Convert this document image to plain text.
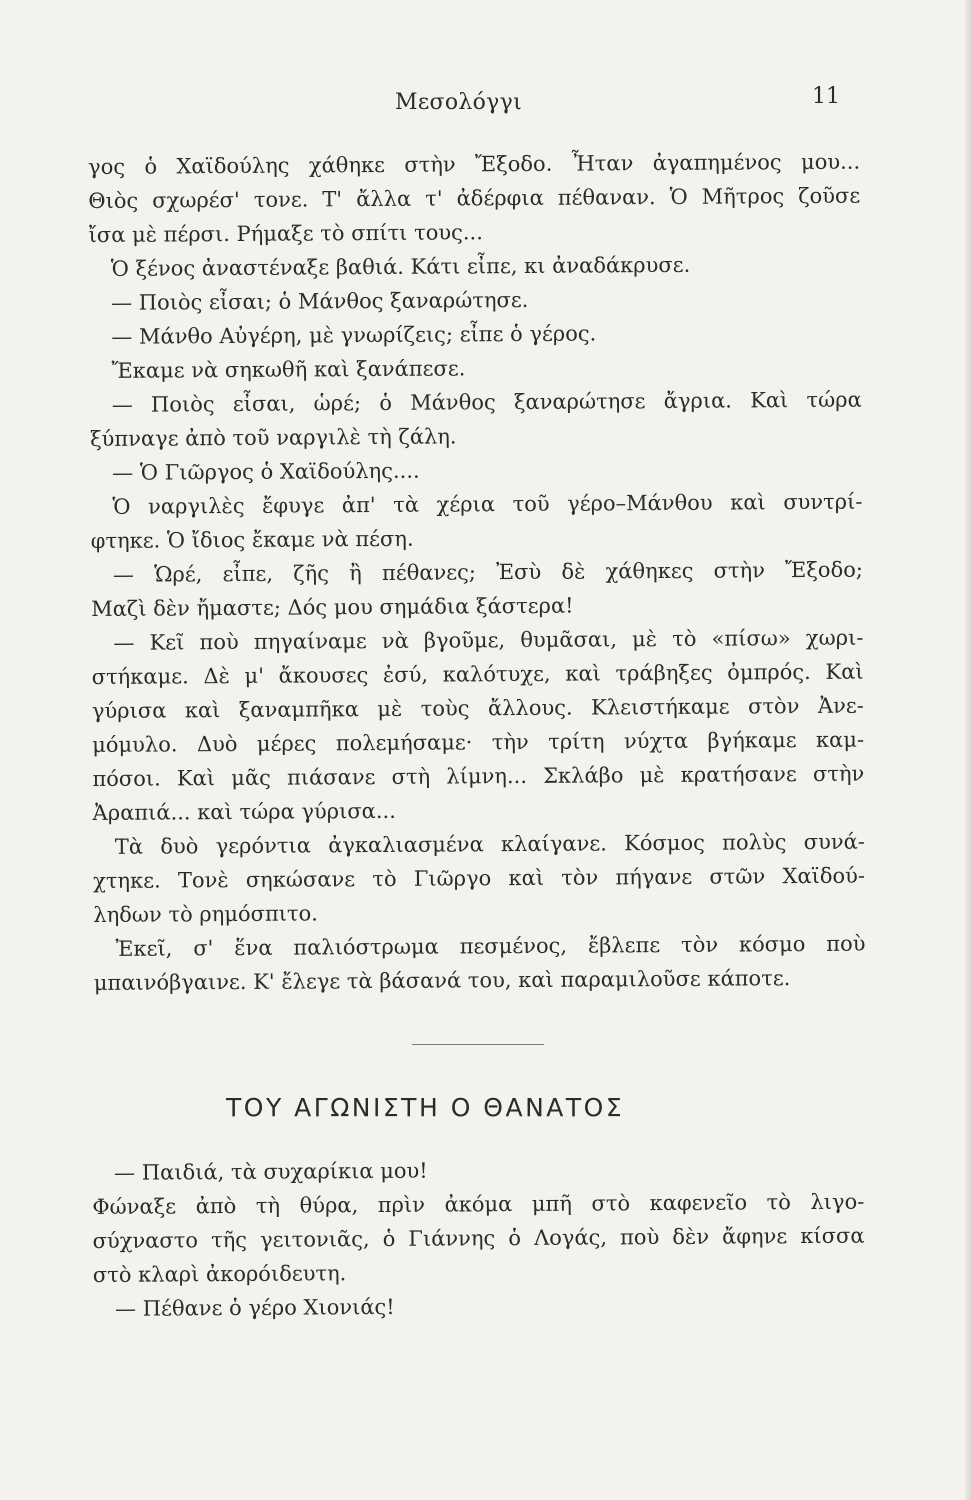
Μεσολόγγι	11
γος ὁ Χαϊδούλης χάθηκε στὴν Ἔξοδο. Ἦταν ἀγαπημένος μου...
Θιὸς σχωρέσ' τονε. Τ' ἄλλα τ' ἀδέρφια πέθαναν. Ὁ Μῆτρος ζοῦσε
ἴσα μὲ πέρσι. Ρήμαξε τὸ σπίτι τους...
Ὁ ξένος ἀναστέναξε βαθιά. Κάτι εἶπε, κι ἀναδάκρυσε.
— Ποιὸς εἶσαι; ὁ Μάνθος ξαναρώτησε.
— Μάνθο Αὐγέρη, μὲ γνωρίζεις; εἶπε ὁ γέρος.
Ἔκαμε νὰ σηκωθῆ καὶ ξανάπεσε.
— Ποιὸς εἶσαι, ὡρέ; ὁ Μάνθος ξαναρώτησε ἄγρια. Καὶ τώρα
ξύπναγε ἀπὸ τοῦ ναργιλὲ τὴ ζάλη.
— Ὁ Γιῶργος ὁ Χαϊδούλης....
Ὁ ναργιλὲς ἔφυγε ἀπ' τὰ χέρια τοῦ γέρο–Μάνθου καὶ συντρί-
φτηκε. Ὁ ἴδιος ἔκαμε νὰ πέση.
— Ὡρέ, εἶπε, ζῆς ἢ πέθανες; Ἐσὺ δὲ χάθηκες στὴν Ἔξοδο;
Μαζὶ δὲν ἤμαστε; Δός μου σημάδια ξάστερα!
— Κεῖ ποὺ πηγαίναμε νὰ βγοῦμε, θυμᾶσαι, μὲ τὸ «πίσω» χωρι-
στήκαμε. Δὲ μ' ἄκουσες ἐσύ, καλότυχε, καὶ τράβηξες ὀμπρός. Καὶ
γύρισα καὶ ξαναμπῆκα μὲ τοὺς ἄλλους. Κλειστήκαμε στὸν Ἀνε-
μόμυλο. Δυὸ μέρες πολεμήσαμε· τὴν τρίτη νύχτα βγήκαμε καμ-
πόσοι. Καὶ μᾶς πιάσανε στὴ λίμνη... Σκλάβο μὲ κρατήσανε στὴν
Ἀραπιά... καὶ τώρα γύρισα...
Τὰ δυὸ γερόντια ἀγκαλιασμένα κλαίγανε. Κόσμος πολὺς συνά-
χτηκε. Τονὲ σηκώσανε τὸ Γιῶργο καὶ τὸν πήγανε στῶν Χαϊδού-
ληδων τὸ ρημόσπιτο.
Ἐκεῖ, σ' ἕνα παλιόστρωμα πεσμένος, ἔβλεπε τὸν κόσμο ποὺ
μπαινόβγαινε. Κ' ἔλεγε τὰ βάσανά του, καὶ παραμιλοῦσε κάποτε.
ΤΟΥ ΑΓΩΝΙΣΤΗ Ο ΘΑΝΑΤΟΣ
— Παιδιά, τὰ συχαρίκια μου!
Φώναξε ἀπὸ τὴ θύρα, πρὶν ἀκόμα μπῆ στὸ καφενεῖο τὸ λιγο-
σύχναστο τῆς γειτονιᾶς, ὁ Γιάννης ὁ Λογάς, ποὺ δὲν ἄφηνε κίσσα
στὸ κλαρὶ ἀκορόιδευτη.
— Πέθανε ὁ γέρο Χιονιάς!
